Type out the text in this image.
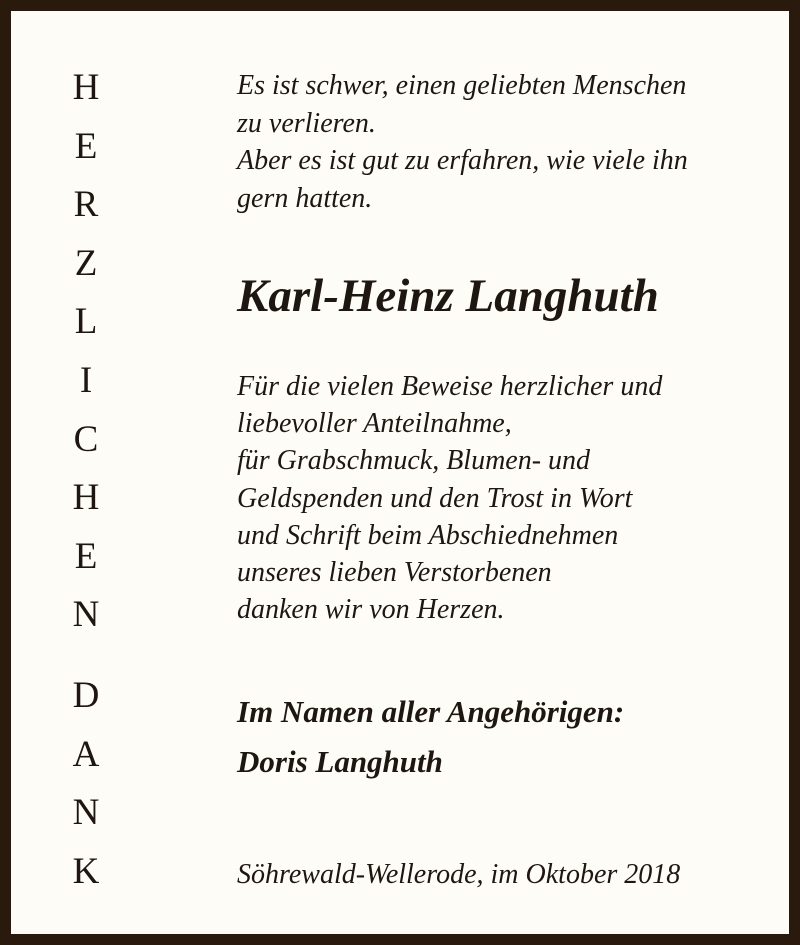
H
E
R
Z
L
I
C
H
E
N
D
A
N
K
Es ist schwer, einen geliebten Menschen
zu verlieren.
Aber es ist gut zu erfahren, wie viele ihn
gern hatten.
Karl-Heinz Langhuth
Für die vielen Beweise herzlicher und
liebevoller Anteilnahme,
für Grabschmuck, Blumen- und
Geldspenden und den Trost in Wort
und Schrift beim Abschiednehmen
unseres lieben Verstorbenen
danken wir von Herzen.
Im Namen aller Angehörigen:
Doris Langhuth
Söhrewald-Wellerode, im Oktober 2018
